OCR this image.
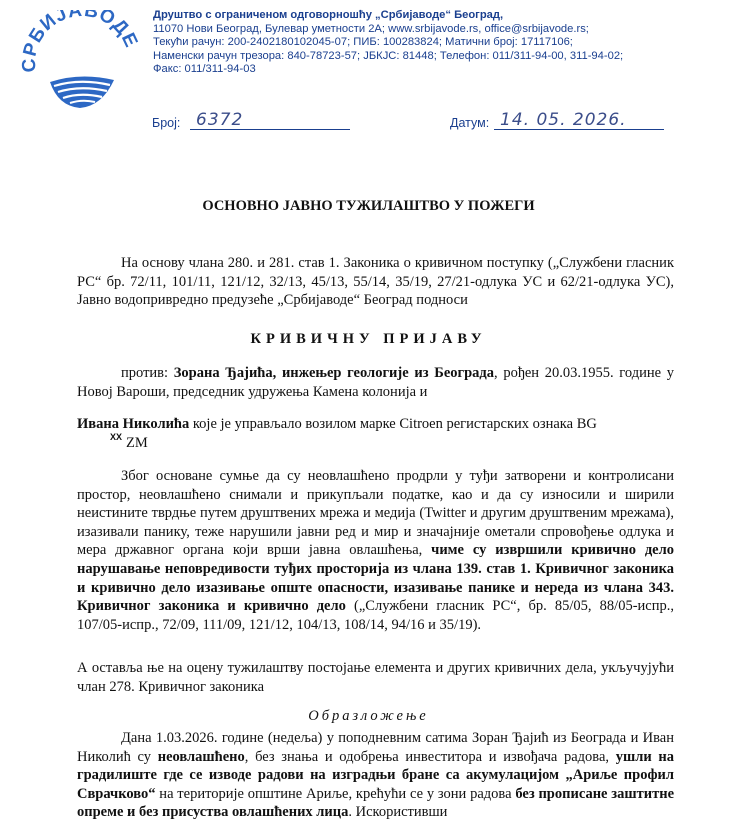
СРБИЈАВОДЕ
Друштво с ограниченом одговорношћу „Србијаводе“ Београд,
11070 Нови Београд, Булевар уметности 2А; www.srbijavode.rs, office@srbijavode.rs;
Текући рачун: 200-2402180102045-07; ПИБ: 100283824; Матични број: 17117106;
Наменски рачун трезора: 840-78723-57; ЈБКЈС: 81448; Телефон: 011/311-94-00, 311-94-02;
Факс: 011/311-94-03
Број: 6372	Датум: 14. 05. 2026.
ОСНОВНО ЈАВНО ТУЖИЛАШТВО У ПОЖЕГИ
На основу члана 280. и 281. став 1. Законика о кривичном поступку („Службени гласник РС“ бр. 72/11, 101/11, 121/12, 32/13, 45/13, 55/14, 35/19, 27/21-одлука УС и 62/21-одлука УС), Јавно водопривредно предузеће „Србијаводе“ Београд подноси
КРИВИЧНУ ПРИЈАВУ
против: Зорана Ђајића, инжењер геологије из Београда, рођен 20.03.1955. године у Новој Вароши, председник удружења Камена колонија и
Ивана Николића које је управљало возилом марке Citroen регистарских ознака BG
ZM
XX
Због основане сумње да су неовлашћено продрли у туђи затворени и контролисани простор, неовлашћено снимали и прикупљали податке, као и да су износили и ширили неистините тврдње путем друштвених мрежа и медија (Twitter и другим друштвеним мрежама), изазивали панику, теже нарушили јавни ред и мир и значајније ометали спровођење одлука и мера државног органа који врши јавна овлашћења, чиме су извршили кривично дело нарушавање неповредивости туђих просторија из члана 139. став 1. Кривичног законика и кривично дело изазивање опште опасности, изазивање панике и нереда из члана 343. Кривичног законика и кривично дело („Службени гласник РС“, бр. 85/05, 88/05-испр., 107/05-испр., 72/09, 111/09, 121/12, 104/13, 108/14, 94/16 и 35/19).
А оставља ње на оцену тужилаштву постојање елемента и других кривичних дела, укључујући члан 278. Кривичног законика
Образложење
Дана 1.03.2026. године (недеља) у поподневним сатима Зоран Ђајић из Београда и Иван Николић су неовлашћено, без знања и одобрења инвеститора и извођача радова, ушли на градилиште где се изводе радови на изградњи бране са акумулацијом „Ариље профил Сврачково“ на територије општине Ариље, крећући се у зони радова без прописане заштитне опреме и без присуства овлашћених лица. Искористивши
